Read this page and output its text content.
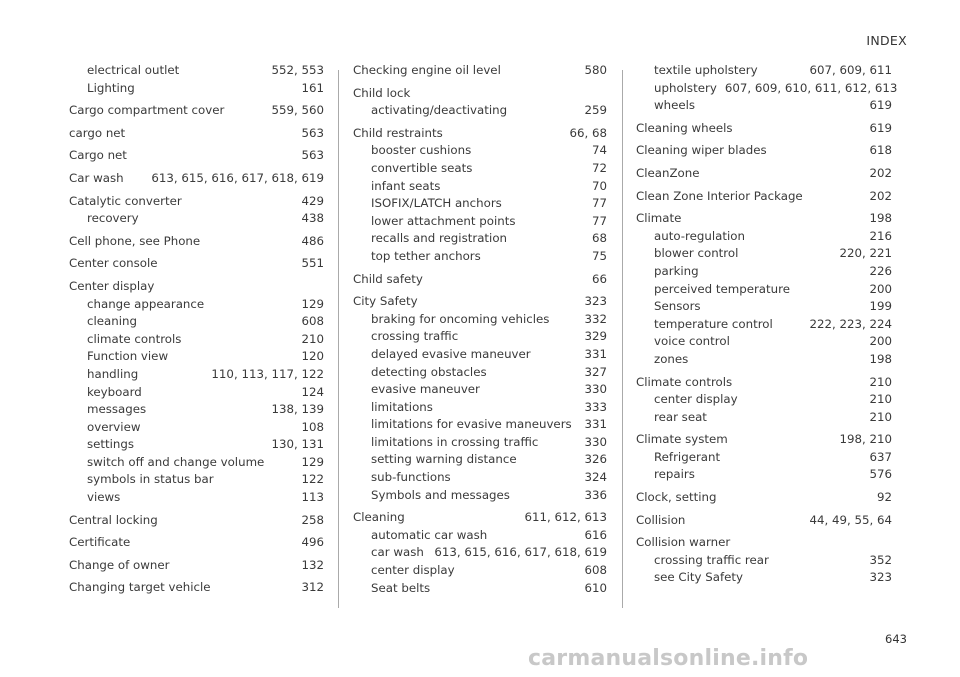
INDEX
electrical outlet	552, 553
Lighting	161
Cargo compartment cover	559, 560
cargo net	563
Cargo net	563
Car wash	613, 615, 616, 617, 618, 619
Catalytic converter	429
recovery	438
Cell phone, see Phone	486
Center console	551
Center display
change appearance	129
cleaning	608
climate controls	210
Function view	120
handling	110, 113, 117, 122
keyboard	124
messages	138, 139
overview	108
settings	130, 131
switch off and change volume	129
symbols in status bar	122
views	113
Central locking	258
Certificate	496
Change of owner	132
Changing target vehicle	312
Checking engine oil level	580
Child lock
activating/deactivating	259
Child restraints	66, 68
booster cushions	74
convertible seats	72
infant seats	70
ISOFIX/LATCH anchors	77
lower attachment points	77
recalls and registration	68
top tether anchors	75
Child safety	66
City Safety	323
braking for oncoming vehicles	332
crossing traffic	329
delayed evasive maneuver	331
detecting obstacles	327
evasive maneuver	330
limitations	333
limitations for evasive maneuvers	331
limitations in crossing traffic	330
setting warning distance	326
sub-functions	324
Symbols and messages	336
Cleaning	611, 612, 613
automatic car wash	616
car wash 613, 615, 616, 617, 618, 619
center display	608
Seat belts	610
textile upholstery	607, 609, 611
upholstery 607, 609, 610, 611, 612, 613
wheels	619
Cleaning wheels	619
Cleaning wiper blades	618
CleanZone	202
Clean Zone Interior Package	202
Climate	198
auto-regulation	216
blower control	220, 221
parking	226
perceived temperature	200
Sensors	199
temperature control	222, 223, 224
voice control	200
zones	198
Climate controls	210
center display	210
rear seat	210
Climate system	198, 210
Refrigerant	637
repairs	576
Clock, setting	92
Collision	44, 49, 55, 64
Collision warner
crossing traffic rear	352
see City Safety	323
643
carmanualsonline.info
